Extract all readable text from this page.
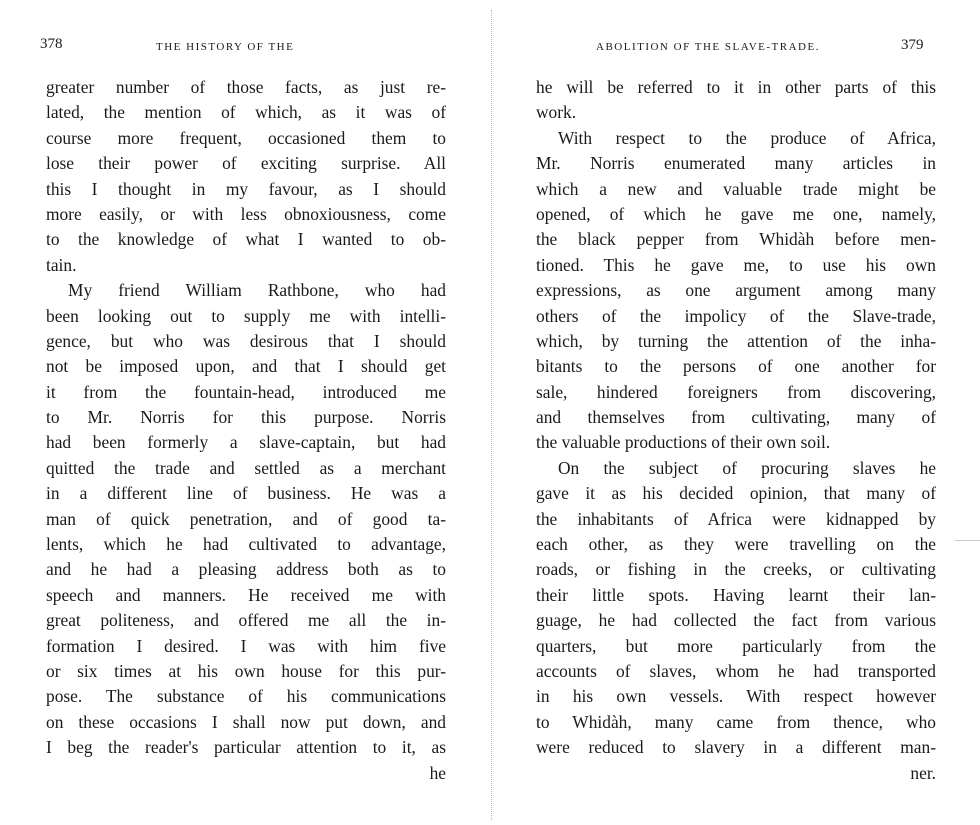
378	THE HISTORY OF THE
greater number of those facts, as just re-
lated, the mention of which, as it was of
course more frequent, occasioned them to
lose their power of exciting surprise. All
this I thought in my favour, as I should
more easily, or with less obnoxiousness, come
to the knowledge of what I wanted to ob-
tain.
My friend William Rathbone, who had
been looking out to supply me with intelli-
gence, but who was desirous that I should
not be imposed upon, and that I should get
it from the fountain-head, introduced me
to Mr. Norris for this purpose. Norris
had been formerly a slave-captain, but had
quitted the trade and settled as a merchant
in a different line of business. He was a
man of quick penetration, and of good ta-
lents, which he had cultivated to advantage,
and he had a pleasing address both as to
speech and manners. He received me with
great politeness, and offered me all the in-
formation I desired. I was with him five
or six times at his own house for this pur-
pose. The substance of his communications
on these occasions I shall now put down, and
I beg the reader's particular attention to it, as
he
ABOLITION OF THE SLAVE-TRADE.	379
he will be referred to it in other parts of this
work.
With respect to the produce of Africa,
Mr. Norris enumerated many articles in
which a new and valuable trade might be
opened, of which he gave me one, namely,
the black pepper from Whidàh before men-
tioned. This he gave me, to use his own
expressions, as one argument among many
others of the impolicy of the Slave-trade,
which, by turning the attention of the inha-
bitants to the persons of one another for
sale, hindered foreigners from discovering,
and themselves from cultivating, many of
the valuable productions of their own soil.
On the subject of procuring slaves he
gave it as his decided opinion, that many of
the inhabitants of Africa were kidnapped by
each other, as they were travelling on the
roads, or fishing in the creeks, or cultivating
their little spots. Having learnt their lan-
guage, he had collected the fact from various
quarters, but more particularly from the
accounts of slaves, whom he had transported
in his own vessels. With respect however
to Whidàh, many came from thence, who
were reduced to slavery in a different man-
ner.
